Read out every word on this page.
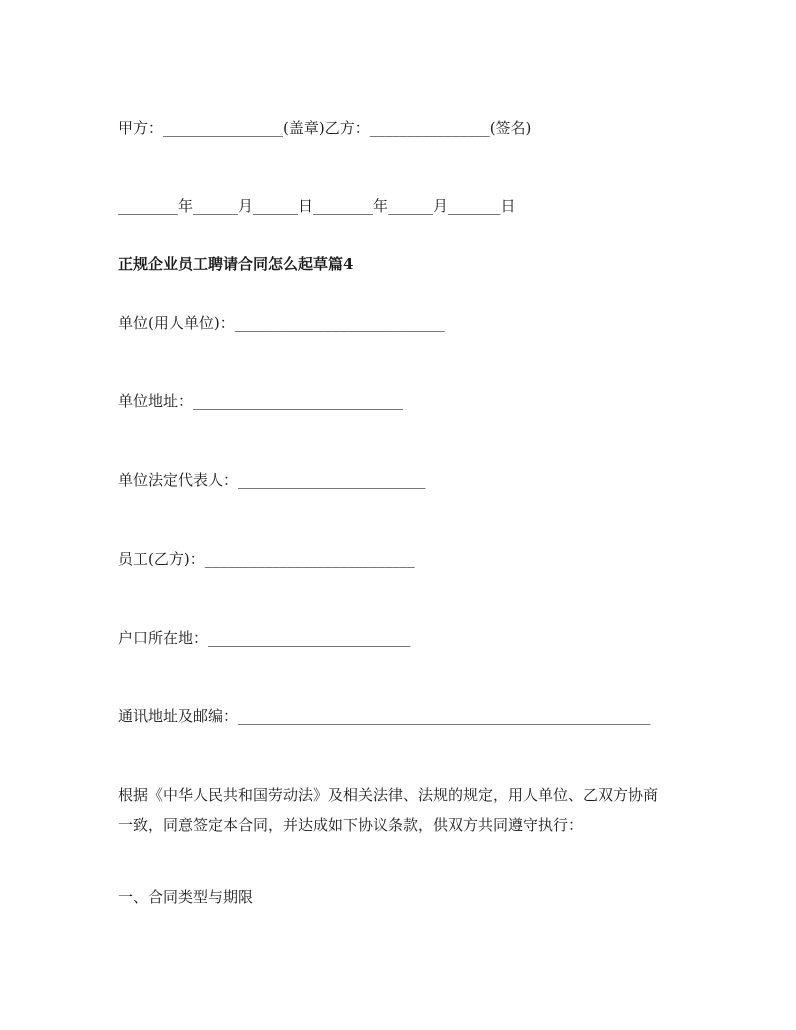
甲方：________________(盖章)乙方：________________(签名)
________年______月______日________年______月_______日
正规企业员工聘请合同怎么起草篇4
单位(用人单位)：____________________________
单位地址：____________________________
单位法定代表人：_________________________
员工(乙方)：____________________________
户口所在地：___________________________
通讯地址及邮编：_______________________________________________________
根据《中华人民共和国劳动法》及相关法律、法规的规定，用人单位、乙双方协商
一致，同意签定本合同，并达成如下协议条款，供双方共同遵守执行：
一、合同类型与期限
